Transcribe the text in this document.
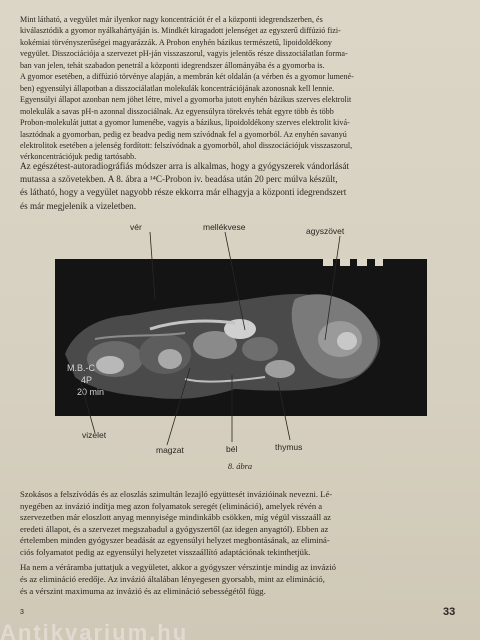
Mint látható, a vegyület már ilyenkor nagy koncentrációt ér el a központi idegrendszerben, és
kiválasztódik a gyomor nyálkahártyáján is. Mindkét kiragadott jelenséget az egyszerű diffúzió fizi-
kokémiai törvényszerűségei magyarázzák. A Probon enyhén bázikus természetű, lipoidoldékony
vegyület. Disszociációja a szervezet pH-ján visszaszorul, vagyis jelentős része disszociálatlan forma-
ban van jelen, tehát szabadon penetrál a központi idegrendszer állományába és a gyomorba is.
A gyomor esetében, a diffúzió törvénye alapján, a membrán két oldalán (a vérben és a gyomor lumené-
ben) egyensúlyi állapotban a disszociálatlan molekulák koncentrációjának azonosnak kell lennie.
Egyensúlyi állapot azonban nem jöhet létre, mivel a gyomorba jutott enyhén bázikus szerves elektrolit
molekulák a savas pH-n azonnal disszociálnak. Az egyensúlyra törekvés tehát egyre több és több
Probon-molekulát juttat a gyomor lumenébe, vagyis a bázikus, lipoidoldékony szerves elektrolit kivá-
lasztódnak a gyomorban, pedig ez beadva pedig nem szívódnak fel a gyomorból. Az enyhén savanyú
elektrolitok esetében a jelenség fordított: felszívódnak a gyomorból, ahol disszociációjuk visszaszorul,
vérkoncentrációjuk pedig tartósabb.
Az egészétest-autoradiográfiás módszer arra is alkalmas, hogy a gyógyszerek vándorlását
mutassa a szövetekben. A 8. ábra a ¹⁴C-Probon iv. beadása után 20 perc múlva készült,
és látható, hogy a vegyület nagyobb része ekkorra már elhagyja a központi idegrendszert
és már megjelenik a vizeletben.
vér	mellékvese	agyszövet
M.B.-C
4P
20 min
vizelet
magzat	bél	thymus
8. ábra
Szokásos a felszívódás és az eloszlás szimultán lezajló együttesét invázióinak nevezni. Lé-
nyegében az invázió indítja meg azon folyamatok seregét (elimináció), amelyek révén a
szervezetben már eloszlott anyag mennyisége mindinkább csökken, míg végül visszaáll az
eredeti állapot, és a szervezet megszabadul a gyógyszertől (az idegen anyagtól). Ebben az
értelemben minden gyógyszer beadását az egyensúlyi helyzet megbontásának, az eliminá-
ciós folyamatot pedig az egyensúlyi helyzetet visszaállító adaptációnak tekinthetjük.
Ha nem a véráramba juttatjuk a vegyületet, akkor a gyógyszer vérszintje mindig az invázió
és az elimináció eredője. Az invázió általában lényegesen gyorsabb, mint az elimináció,
és a vérszint maximuma az invázió és az elimináció sebességétől függ.
3	33
Antikvarium.hu
